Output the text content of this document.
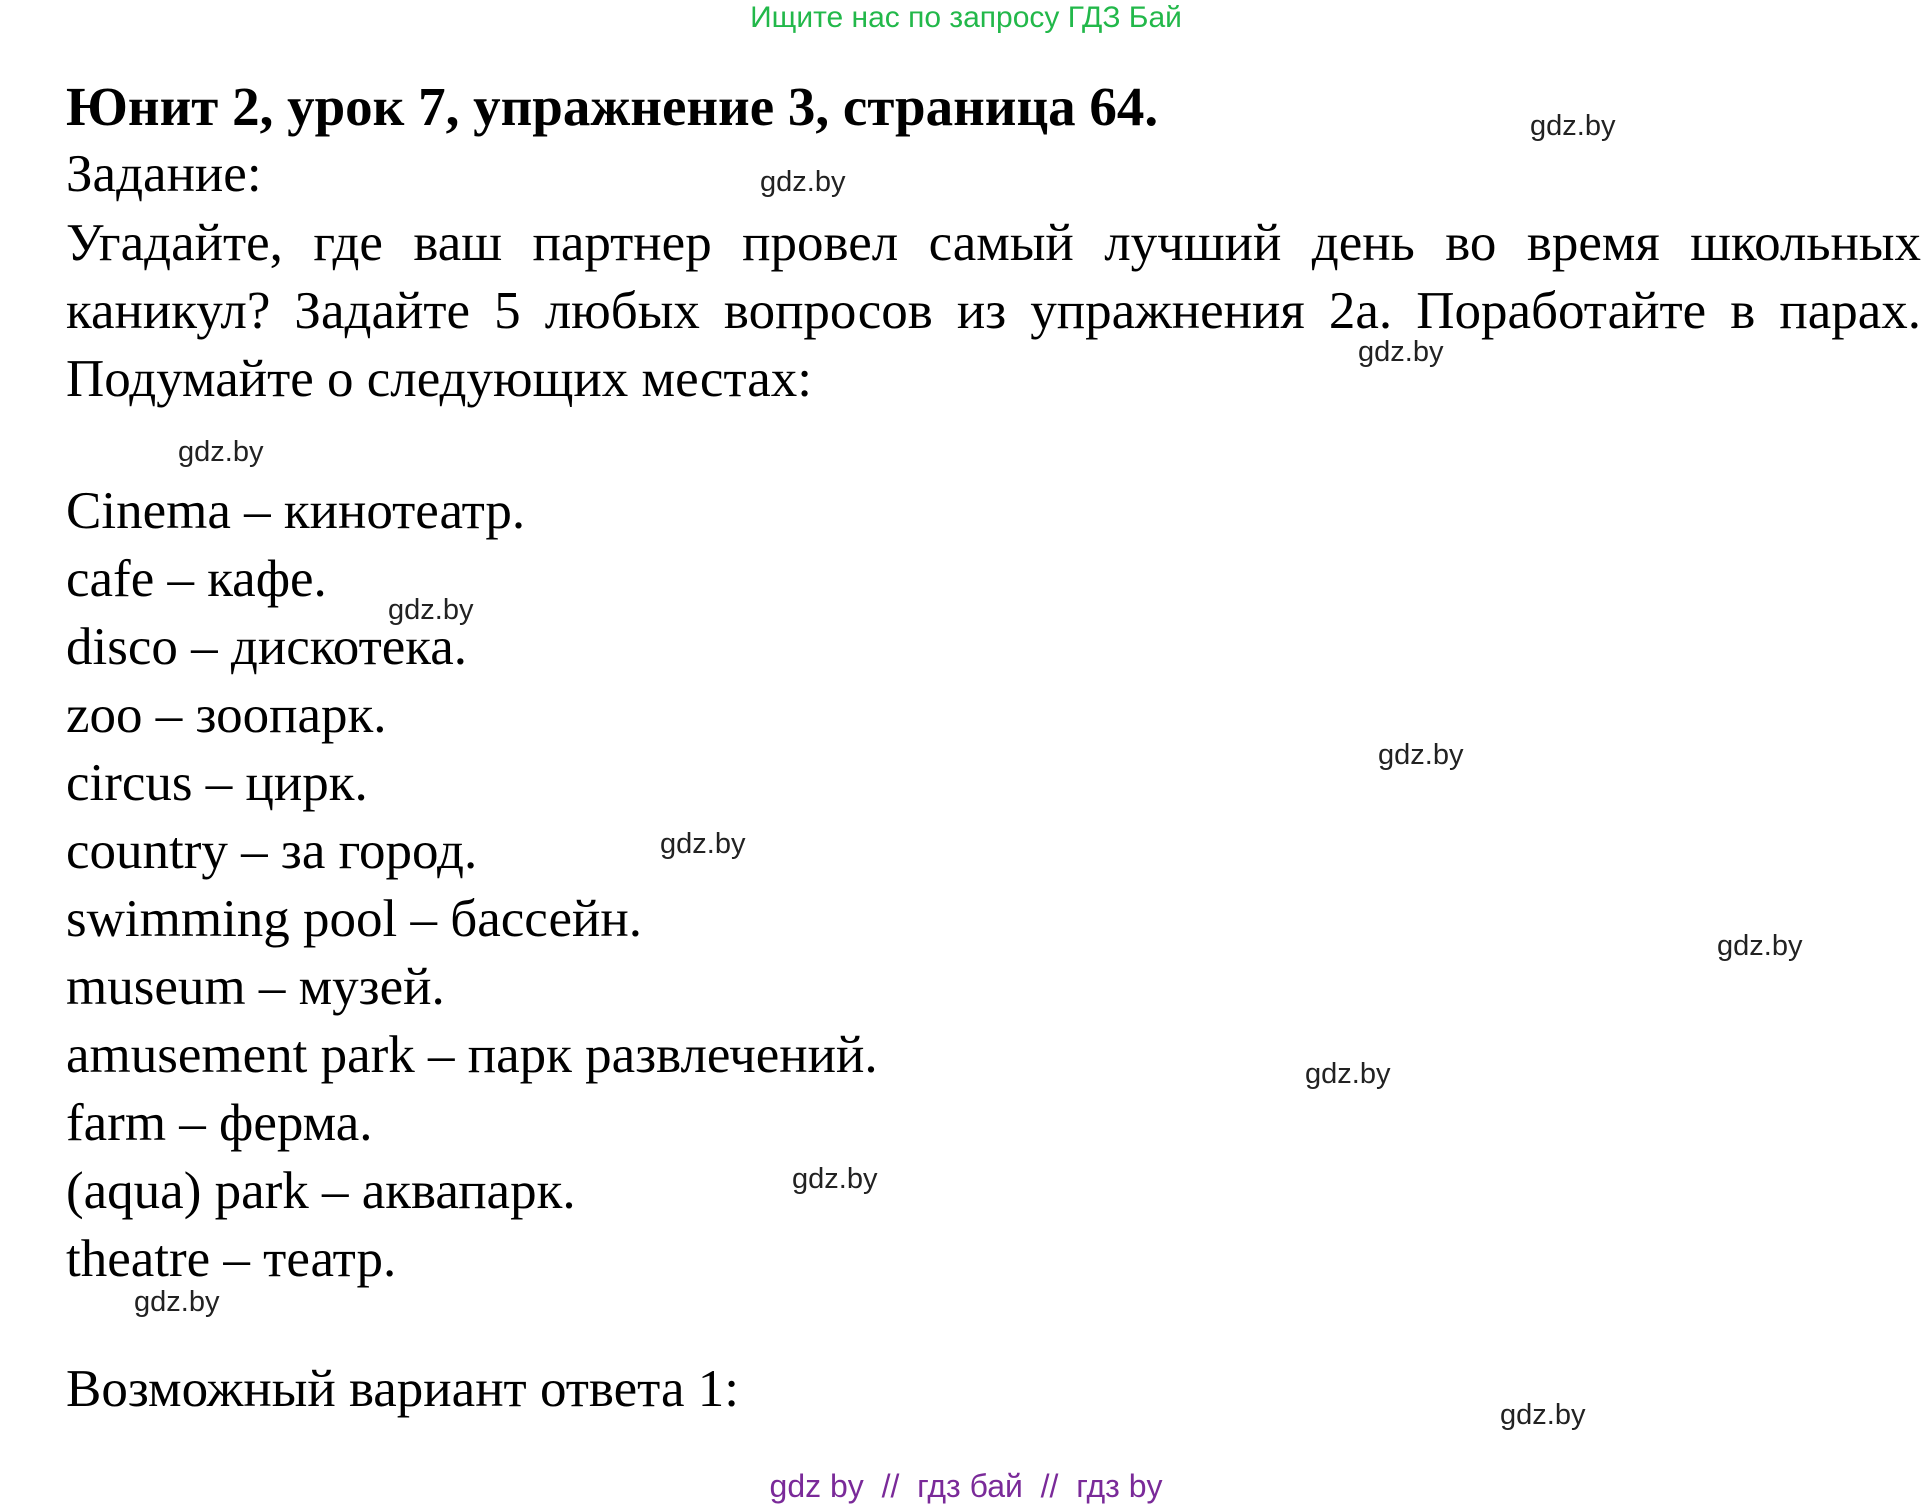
Ищите нас по запросу ГДЗ Бай
Юнит 2, урок 7, упражнение 3, страница 64.
Задание:

Угадайте, где ваш партнер провел самый лучший день во время школьных каникул? Задайте 5 любых вопросов из упражнения 2a. Поработайте в парах. Подумайте о следующих местах:

Cinema – кинотеатр.
cafe – кафе.
disco – дискотека.
zoo – зоопарк.
circus – цирк.
country – за город.
swimming pool – бассейн.
museum – музей.
amusement park – парк развлечений.
farm – ферма.
(aqua) park – аквапарк.
theatre – театр.
Возможный вариант ответа 1:
gdz.by
gdz.by
gdz.by
gdz.by
gdz.by
gdz.by
gdz.by
gdz.by
gdz.by
gdz.by
gdz.by
gdz.by
gdz by  //  гдз бай  //  гдз by
